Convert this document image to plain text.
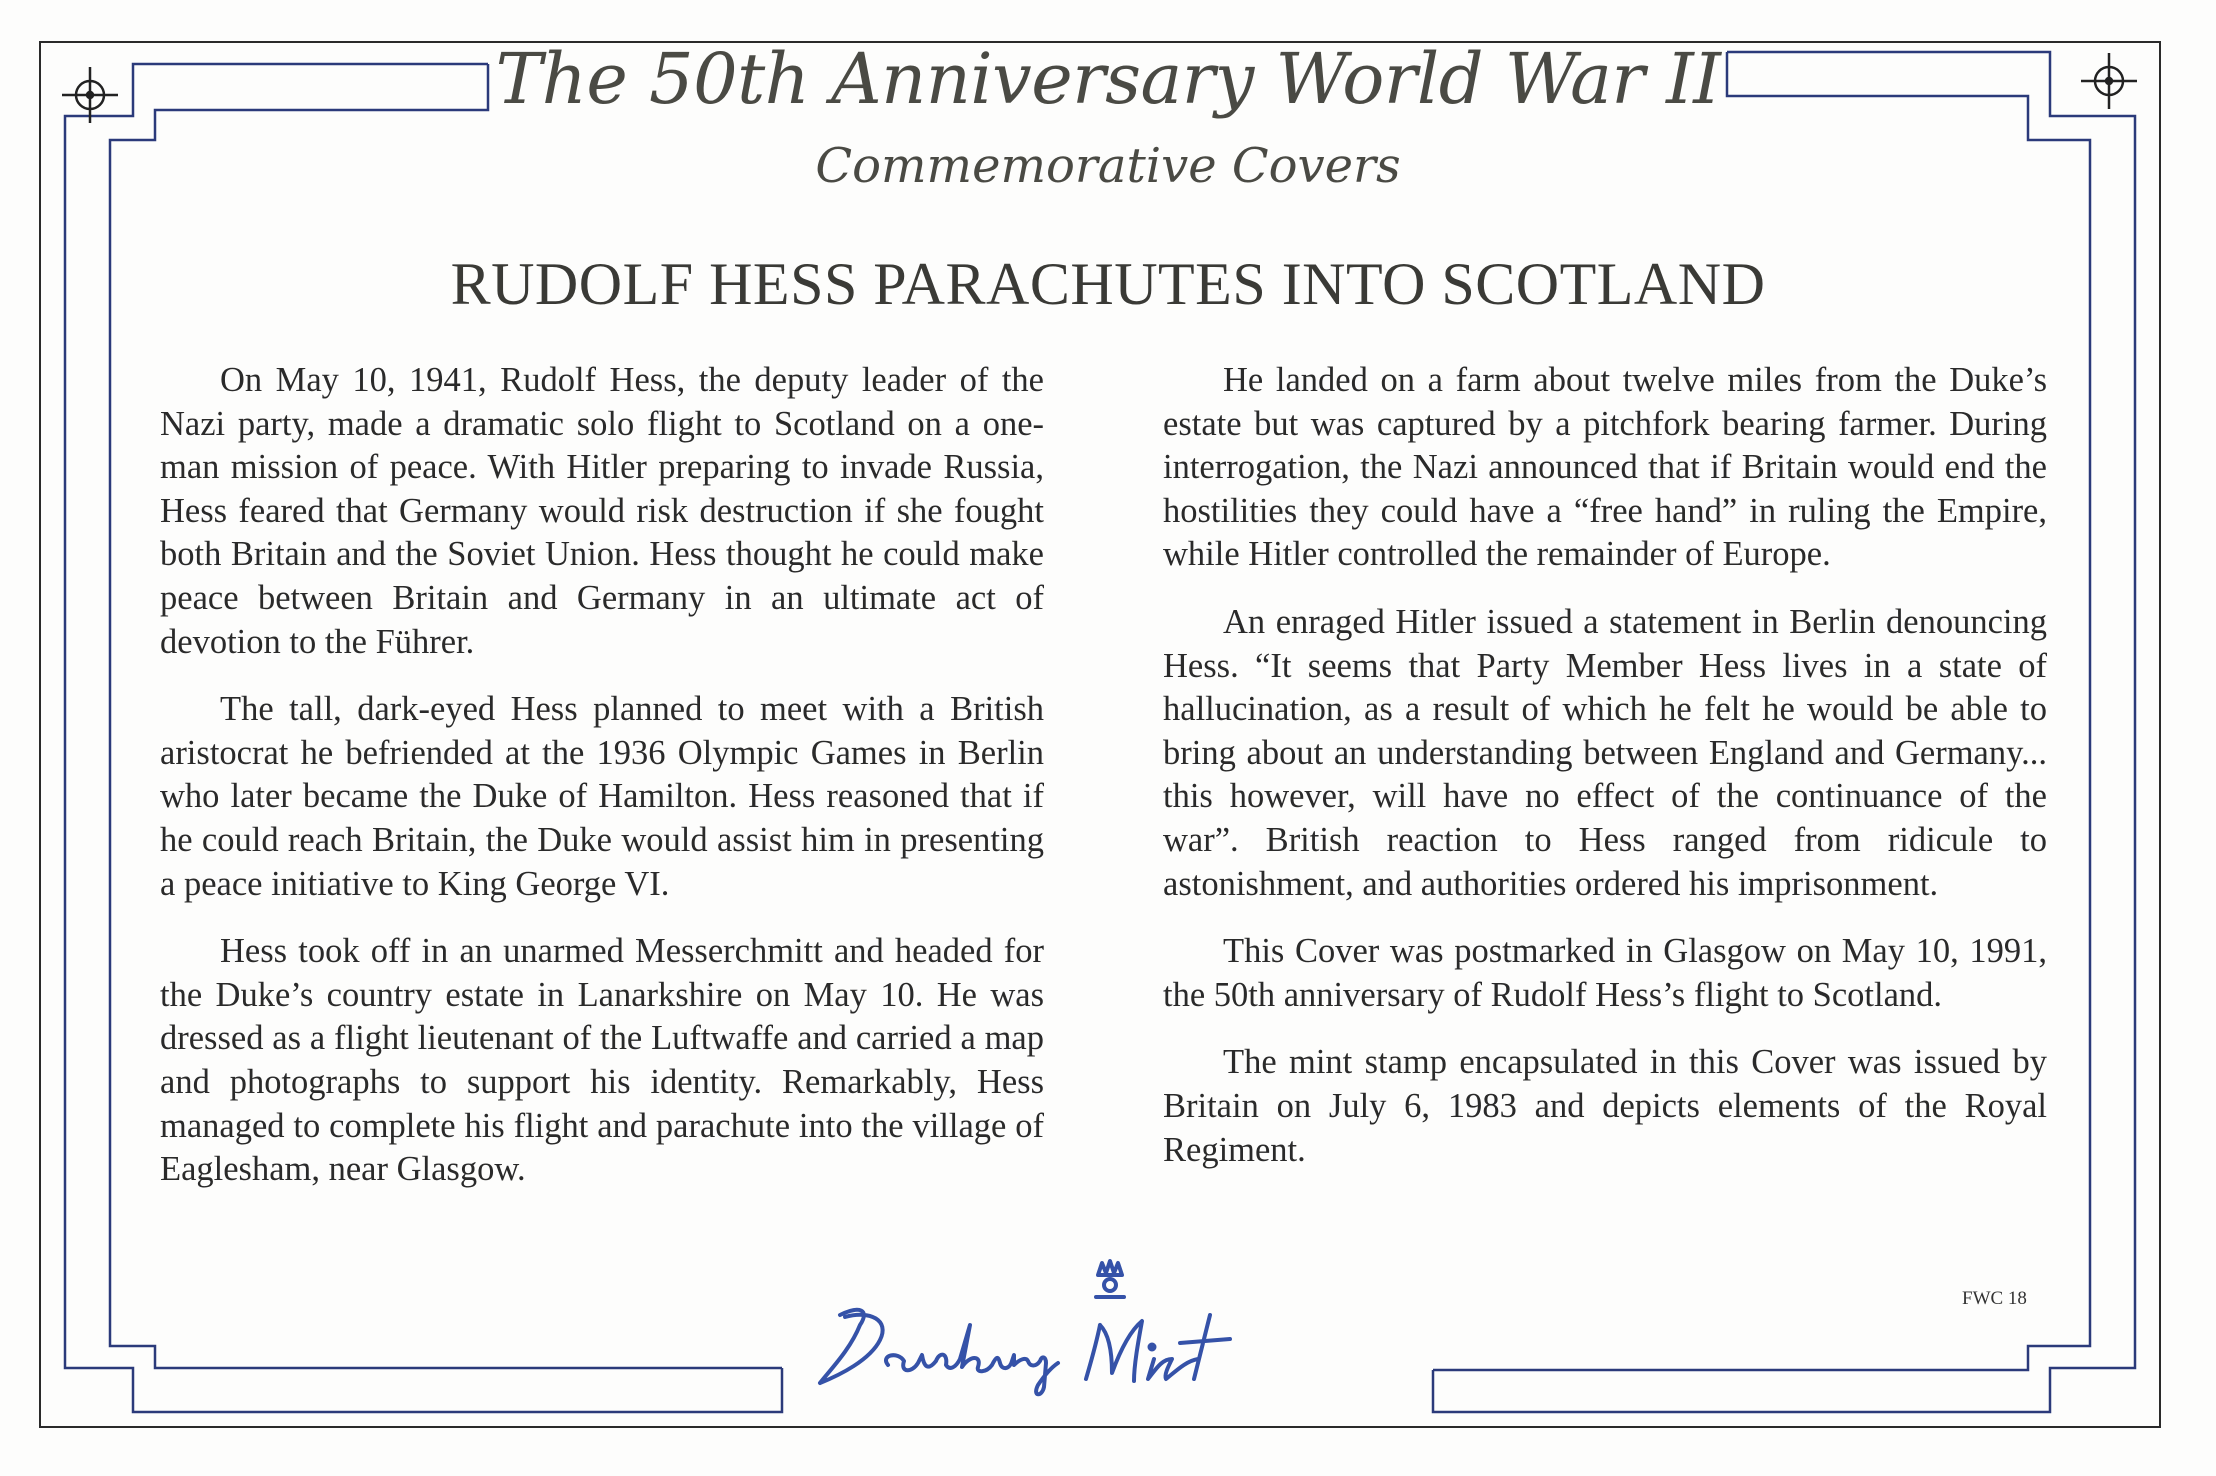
The 50th Anniversary World War II
Commemorative Covers
RUDOLF HESS PARACHUTES INTO SCOTLAND

On May 10, 1941, Rudolf Hess, the deputy leader of the Nazi party, made a dramatic solo flight to Scotland on a one-man mission of peace. With Hitler preparing to invade Russia, Hess feared that Germany would risk destruction if she fought both Britain and the Soviet Union. Hess thought he could make peace between Britain and Germany in an ultimate act of devotion to the Führer.

The tall, dark-eyed Hess planned to meet with a British aristocrat he befriended at the 1936 Olympic Games in Berlin who later became the Duke of Hamilton. Hess reasoned that if he could reach Britain, the Duke would assist him in presenting a peace initiative to King George VI.

Hess took off in an unarmed Messerchmitt and headed for the Duke’s country estate in Lanarkshire on May 10. He was dressed as a flight lieutenant of the Luftwaffe and carried a map and photographs to support his identity. Remarkably, Hess managed to complete his flight and parachute into the village of Eaglesham, near Glasgow.

He landed on a farm about twelve miles from the Duke’s estate but was captured by a pitchfork bearing farmer. During interrogation, the Nazi announced that if Britain would end the hostilities they could have a “free hand” in ruling the Empire, while Hitler controlled the remainder of Europe.

An enraged Hitler issued a statement in Berlin denouncing Hess. “It seems that Party Member Hess lives in a state of hallucination, as a result of which he felt he would be able to bring about an understanding between England and Germany... this however, will have no effect of the continuance of the war”. British reaction to Hess ranged from ridicule to astonishment, and authorities ordered his imprisonment.

This Cover was postmarked in Glasgow on May 10, 1991, the 50th anniversary of Rudolf Hess’s flight to Scotland.

The mint stamp encapsulated in this Cover was issued by Britain on July 6, 1983 and depicts elements of the Royal Regiment.

FWC 18
